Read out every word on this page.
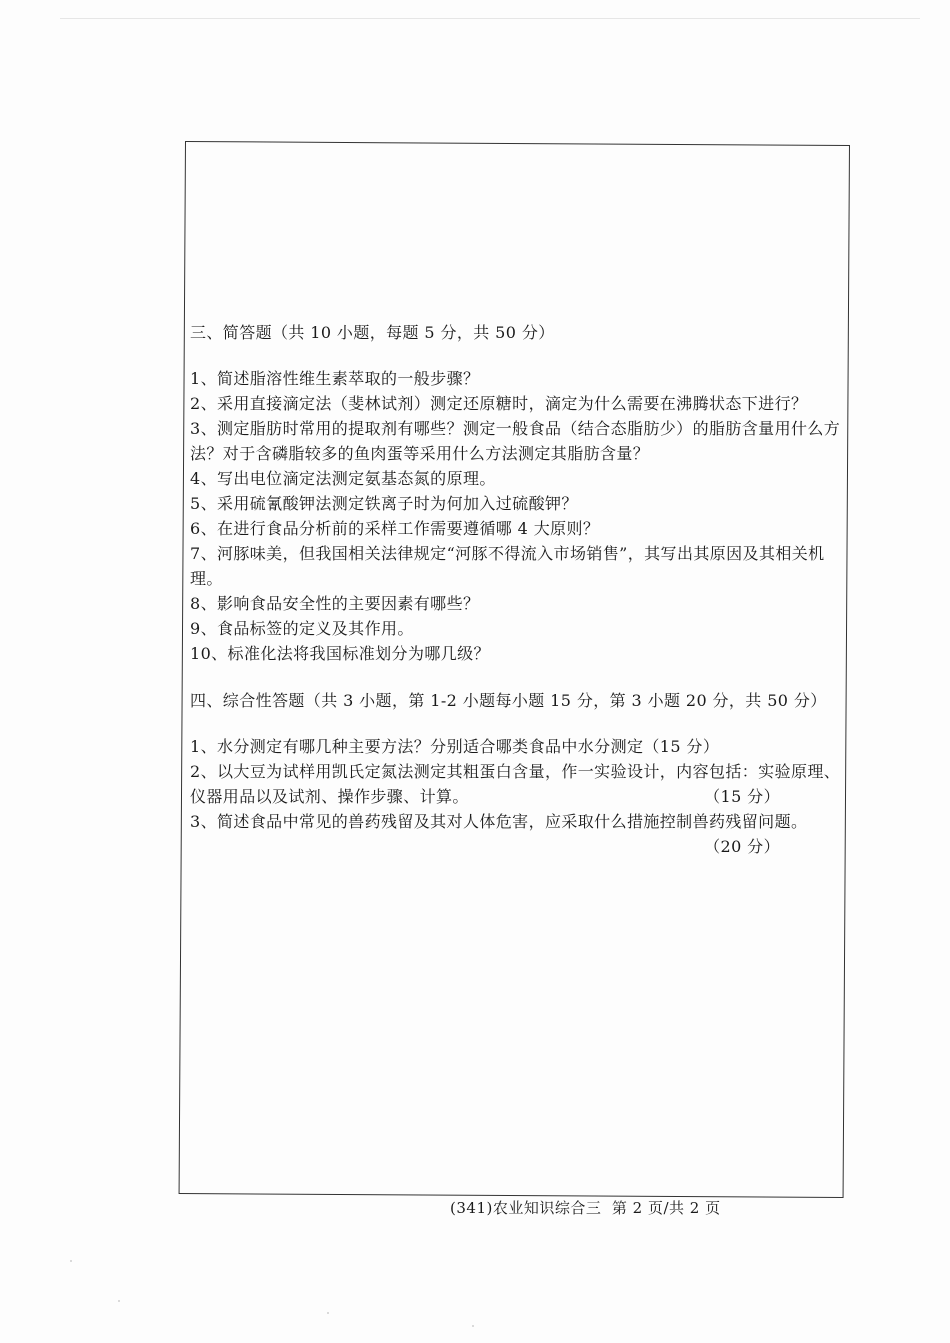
三、简答题（共 10 小题，每题 5 分，共 50 分）
1、简述脂溶性维生素萃取的一般步骤？
2、采用直接滴定法（斐林试剂）测定还原糖时，滴定为什么需要在沸腾状态下进行？
3、测定脂肪时常用的提取剂有哪些？测定一般食品（结合态脂肪少）的脂肪含量用什么方法？对于含磷脂较多的鱼肉蛋等采用什么方法测定其脂肪含量？
4、写出电位滴定法测定氨基态氮的原理。
5、采用硫氰酸钾法测定铁离子时为何加入过硫酸钾？
6、在进行食品分析前的采样工作需要遵循哪 4 大原则？
7、河豚味美，但我国相关法律规定“河豚不得流入市场销售”，其写出其原因及其相关机理。
8、影响食品安全性的主要因素有哪些？
9、食品标签的定义及其作用。
10、标准化法将我国标准划分为哪几级？
四、综合性答题（共 3 小题，第 1-2 小题每小题 15 分，第 3 小题 20 分，共 50 分）
1、水分测定有哪几种主要方法？分别适合哪类食品中水分测定（15 分）
2、以大豆为试样用凯氏定氮法测定其粗蛋白含量，作一实验设计，内容包括：实验原理、仪器用品以及试剂、操作步骤、计算。	（15 分）
3、简述食品中常见的兽药残留及其对人体危害，应采取什么措施控制兽药残留问题。
（20 分）
(341)农业知识综合三  第 2 页/共 2 页
